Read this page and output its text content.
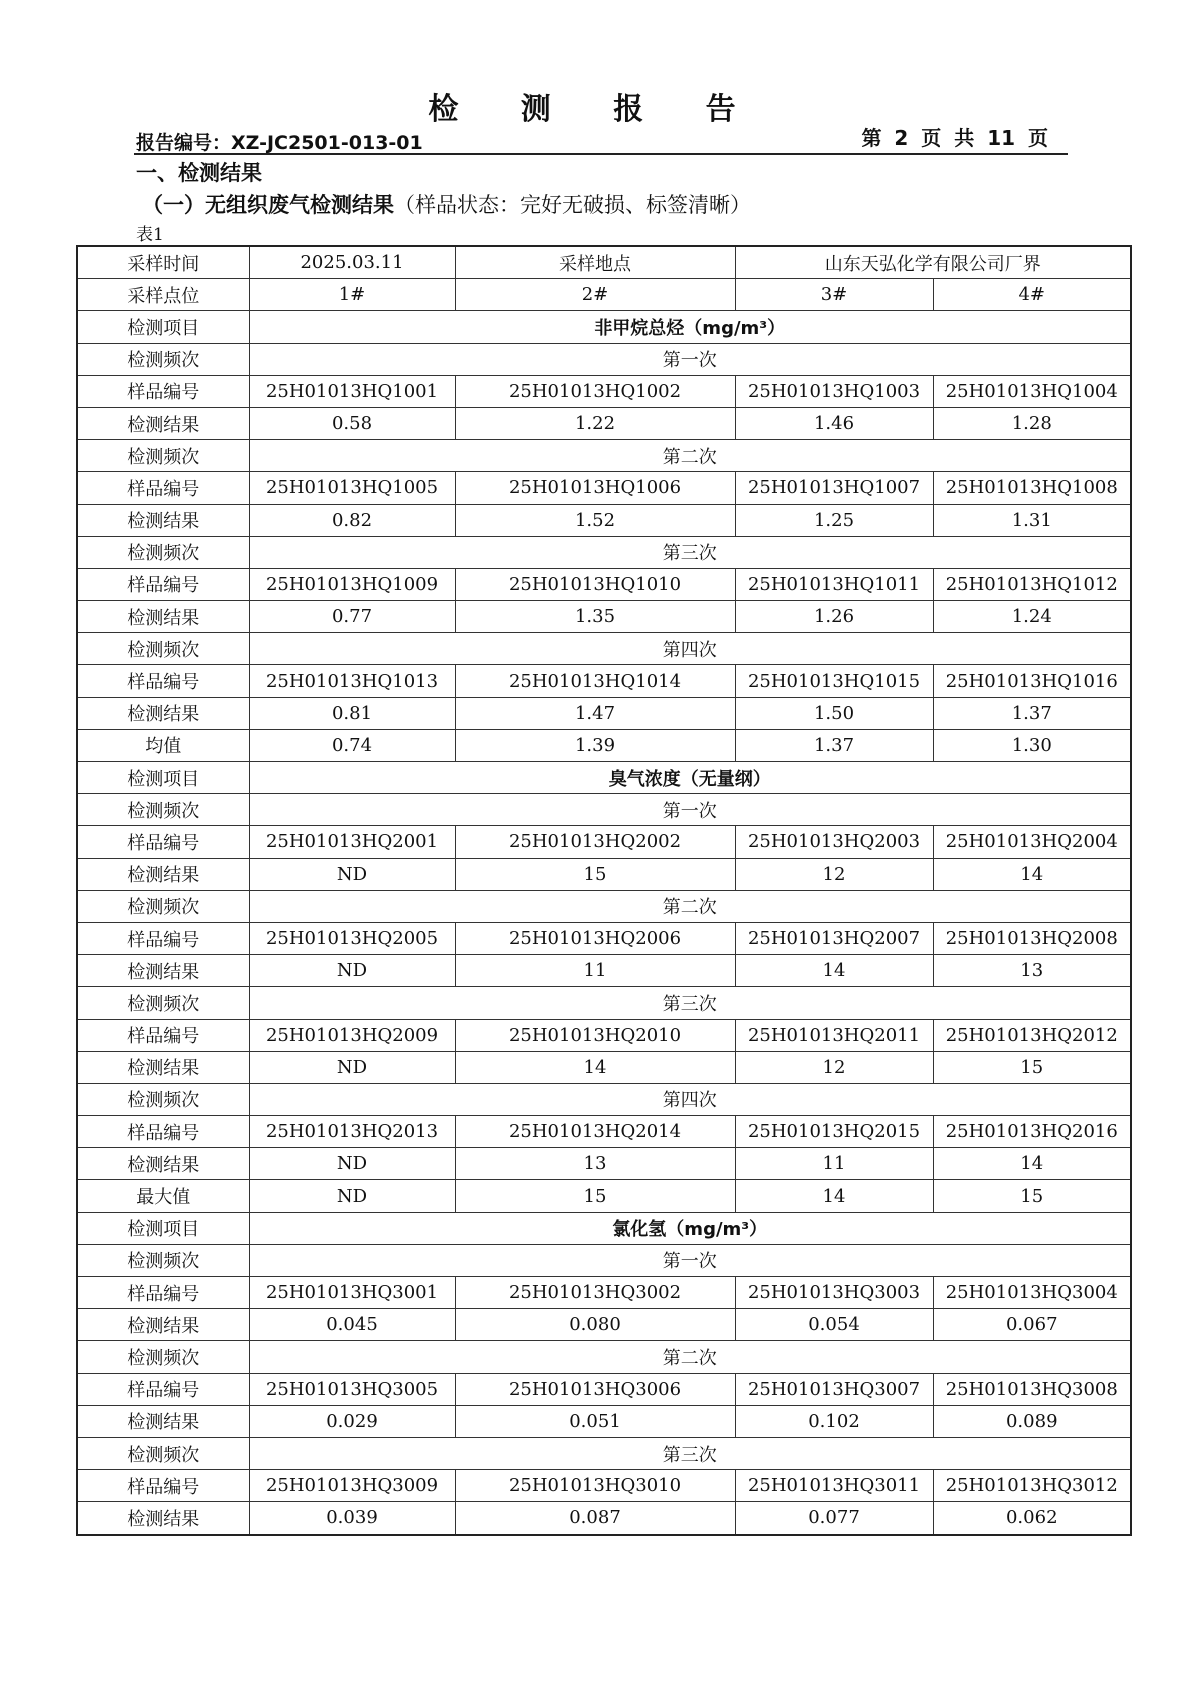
检 测 报 告
报告编号：XZ-JC2501-013-01	第 2 页 共 11 页
一、检测结果
（一）无组织废气检测结果（样品状态：完好无破损、标签清晰）
表1
采样时间	2025.03.11	采样地点	山东天弘化学有限公司厂界	
采样点位	1#	2#	3#	4#
检测项目	非甲烷总烃（mg/m³）			
检测频次	第一次			
样品编号	25H01013HQ1001	25H01013HQ1002	25H01013HQ1003	25H01013HQ1004
检测结果	0.58	1.22	1.46	1.28
检测频次	第二次			
样品编号	25H01013HQ1005	25H01013HQ1006	25H01013HQ1007	25H01013HQ1008
检测结果	0.82	1.52	1.25	1.31
检测频次	第三次			
样品编号	25H01013HQ1009	25H01013HQ1010	25H01013HQ1011	25H01013HQ1012
检测结果	0.77	1.35	1.26	1.24
检测频次	第四次			
样品编号	25H01013HQ1013	25H01013HQ1014	25H01013HQ1015	25H01013HQ1016
检测结果	0.81	1.47	1.50	1.37
均值	0.74	1.39	1.37	1.30
检测项目	臭气浓度（无量纲）			
检测频次	第一次			
样品编号	25H01013HQ2001	25H01013HQ2002	25H01013HQ2003	25H01013HQ2004
检测结果	ND	15	12	14
检测频次	第二次			
样品编号	25H01013HQ2005	25H01013HQ2006	25H01013HQ2007	25H01013HQ2008
检测结果	ND	11	14	13
检测频次	第三次			
样品编号	25H01013HQ2009	25H01013HQ2010	25H01013HQ2011	25H01013HQ2012
检测结果	ND	14	12	15
检测频次	第四次			
样品编号	25H01013HQ2013	25H01013HQ2014	25H01013HQ2015	25H01013HQ2016
检测结果	ND	13	11	14
最大值	ND	15	14	15
检测项目	氯化氢（mg/m³）			
检测频次	第一次			
样品编号	25H01013HQ3001	25H01013HQ3002	25H01013HQ3003	25H01013HQ3004
检测结果	0.045	0.080	0.054	0.067
检测频次	第二次			
样品编号	25H01013HQ3005	25H01013HQ3006	25H01013HQ3007	25H01013HQ3008
检测结果	0.029	0.051	0.102	0.089
检测频次	第三次			
样品编号	25H01013HQ3009	25H01013HQ3010	25H01013HQ3011	25H01013HQ3012
检测结果	0.039	0.087	0.077	0.062
